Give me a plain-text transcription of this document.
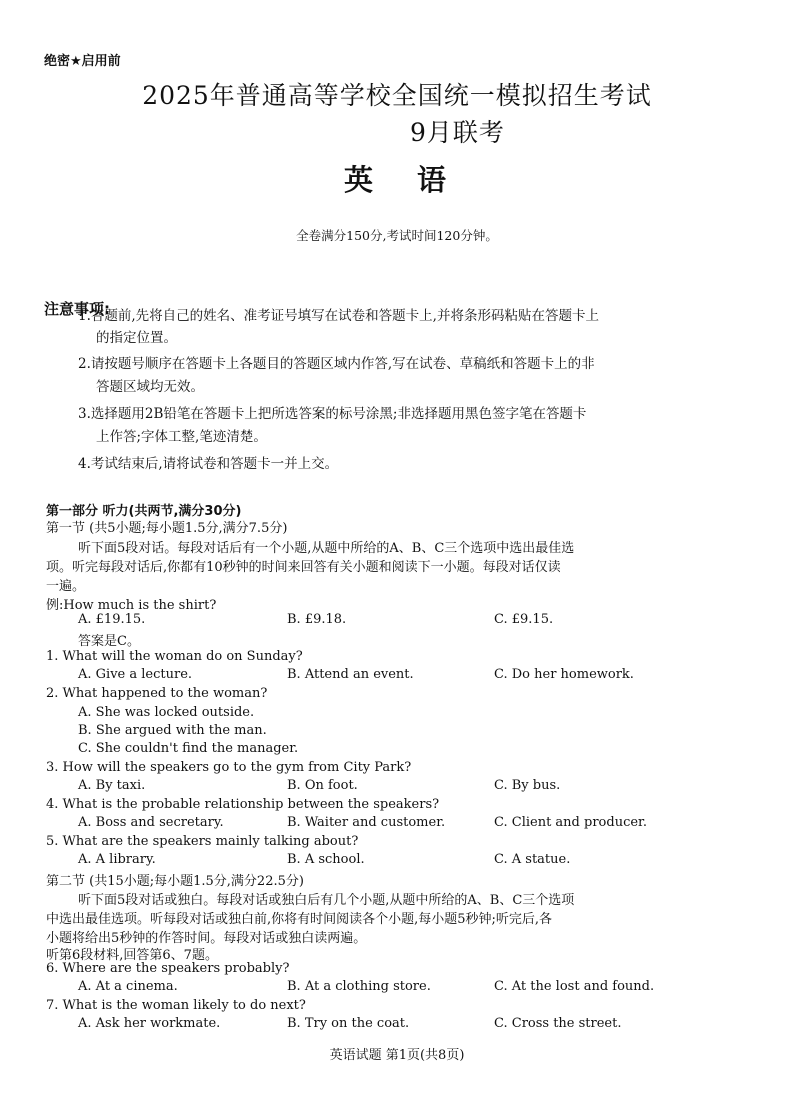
绝密★启用前
2025年普通高等学校全国统一模拟招生考试
9月联考
英语
全卷满分150分,考试时间120分钟。
注意事项:
1.答题前,先将自己的姓名、准考证号填写在试卷和答题卡上,并将条形码粘贴在答题卡上
的指定位置。
2.请按题号顺序在答题卡上各题目的答题区域内作答,写在试卷、草稿纸和答题卡上的非
答题区域均无效。
3.选择题用2B铅笔在答题卡上把所选答案的标号涂黑;非选择题用黑色签字笔在答题卡
上作答;字体工整,笔迹清楚。
4.考试结束后,请将试卷和答题卡一并上交。
第一部分 听力(共两节,满分30分)
第一节 (共5小题;每小题1.5分,满分7.5分)
听下面5段对话。每段对话后有一个小题,从题中所给的A、B、C三个选项中选出最佳选
项。听完每段对话后,你都有10秒钟的时间来回答有关小题和阅读下一小题。每段对话仅读
一遍。
例:How much is the shirt?
A. £19.15.	B. £9.18.	C. £9.15.
答案是C。
1. What will the woman do on Sunday?
A. Give a lecture.	B. Attend an event.	C. Do her homework.
2. What happened to the woman?
A. She was locked outside.
B. She argued with the man.
C. She couldn't find the manager.
3. How will the speakers go to the gym from City Park?
A. By taxi.	B. On foot.	C. By bus.
4. What is the probable relationship between the speakers?
A. Boss and secretary.	B. Waiter and customer.	C. Client and producer.
5. What are the speakers mainly talking about?
A. A library.	B. A school.	C. A statue.
第二节 (共15小题;每小题1.5分,满分22.5分)
听下面5段对话或独白。每段对话或独白后有几个小题,从题中所给的A、B、C三个选项
中选出最佳选项。听每段对话或独白前,你将有时间阅读各个小题,每小题5秒钟;听完后,各
小题将给出5秒钟的作答时间。每段对话或独白读两遍。
听第6段材料,回答第6、7题。
6. Where are the speakers probably?
A. At a cinema.	B. At a clothing store.	C. At the lost and found.
7. What is the woman likely to do next?
A. Ask her workmate.	B. Try on the coat.	C. Cross the street.
英语试题 第1页(共8页)
